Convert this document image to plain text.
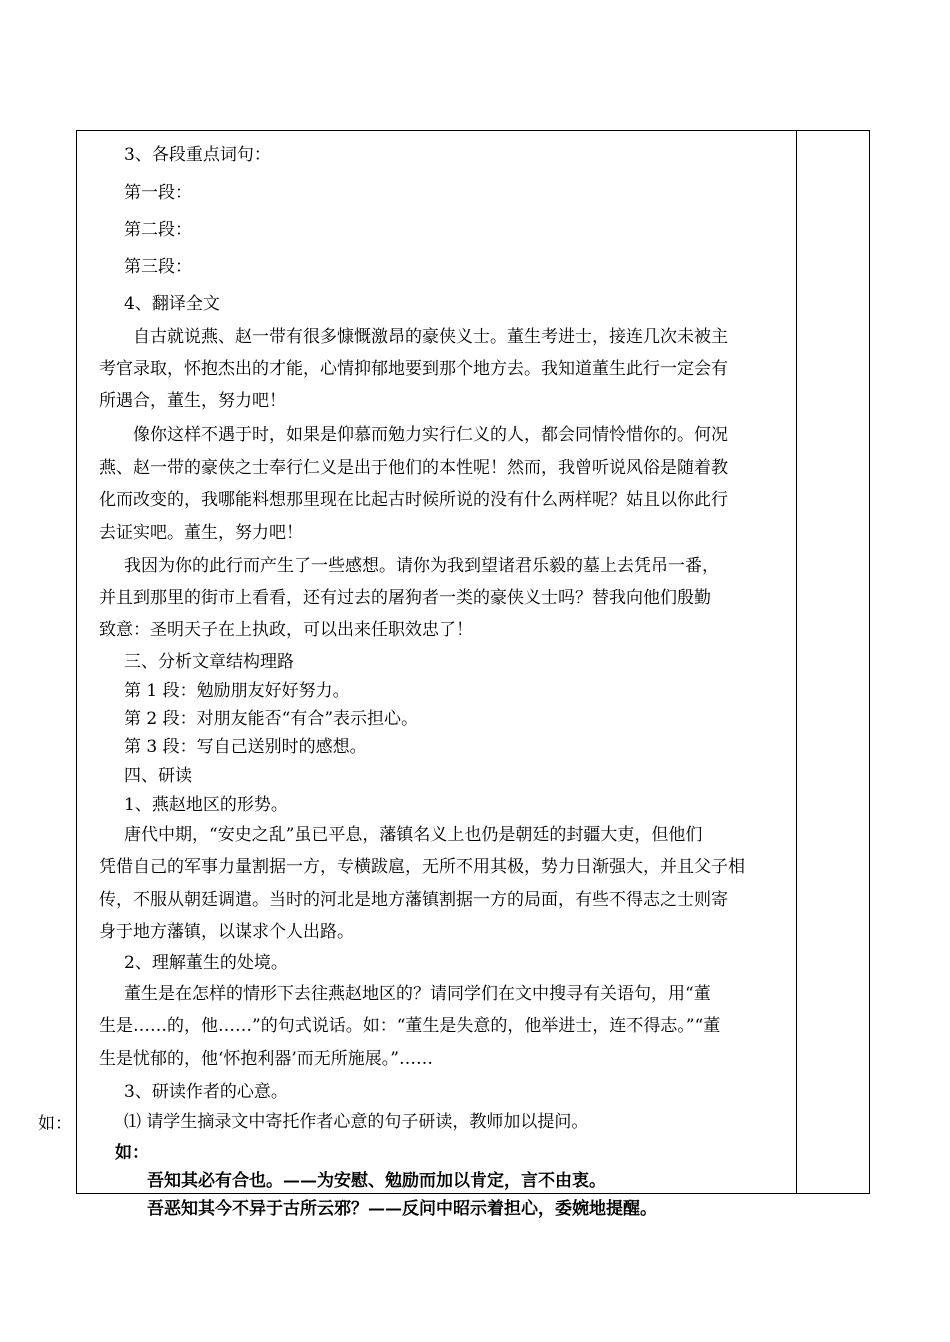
如：
3、各段重点词句：
第一段：
第二段：
第三段：
4、翻译全文
自古就说燕、赵一带有很多慷慨激昂的豪侠义士。董生考进士，接连几次未被主
考官录取，怀抱杰出的才能，心情抑郁地要到那个地方去。我知道董生此行一定会有
所遇合，董生，努力吧！
像你这样不遇于时，如果是仰慕而勉力实行仁义的人，都会同情怜惜你的。何况
燕、赵一带的豪侠之士奉行仁义是出于他们的本性呢！然而，我曾听说风俗是随着教
化而改变的，我哪能料想那里现在比起古时候所说的没有什么两样呢？姑且以你此行
去证实吧。董生，努力吧！
我因为你的此行而产生了一些感想。请你为我到望诸君乐毅的墓上去凭吊一番，
并且到那里的街市上看看，还有过去的屠狗者一类的豪侠义士吗？替我向他们殷勤
致意：圣明天子在上执政，可以出来任职效忠了！
三、分析文章结构理路
第 1 段：勉励朋友好好努力。
第 2 段：对朋友能否“有合”表示担心。
第 3 段：写自己送别时的感想。
四、研读
1、燕赵地区的形势。
唐代中期，“安史之乱”虽已平息，藩镇名义上也仍是朝廷的封疆大吏，但他们
凭借自己的军事力量割据一方，专横跋扈，无所不用其极，势力日渐强大，并且父子相
传，不服从朝廷调遣。当时的河北是地方藩镇割据一方的局面，有些不得志之士则寄
身于地方藩镇，以谋求个人出路。
2、理解董生的处境。
董生是在怎样的情形下去往燕赵地区的？请同学们在文中搜寻有关语句，用“董
生是……的，他……”的句式说话。如：“董生是失意的，他举进士，连不得志。”“董
生是忧郁的，他‘怀抱利器’而无所施展。”……
3、研读作者的心意。
⑴ 请学生摘录文中寄托作者心意的句子研读，教师加以提问。
如：
吾知其必有合也。——为安慰、勉励而加以肯定，言不由衷。
吾恶知其今不异于古所云邪？——反问中昭示着担心，委婉地提醒。
